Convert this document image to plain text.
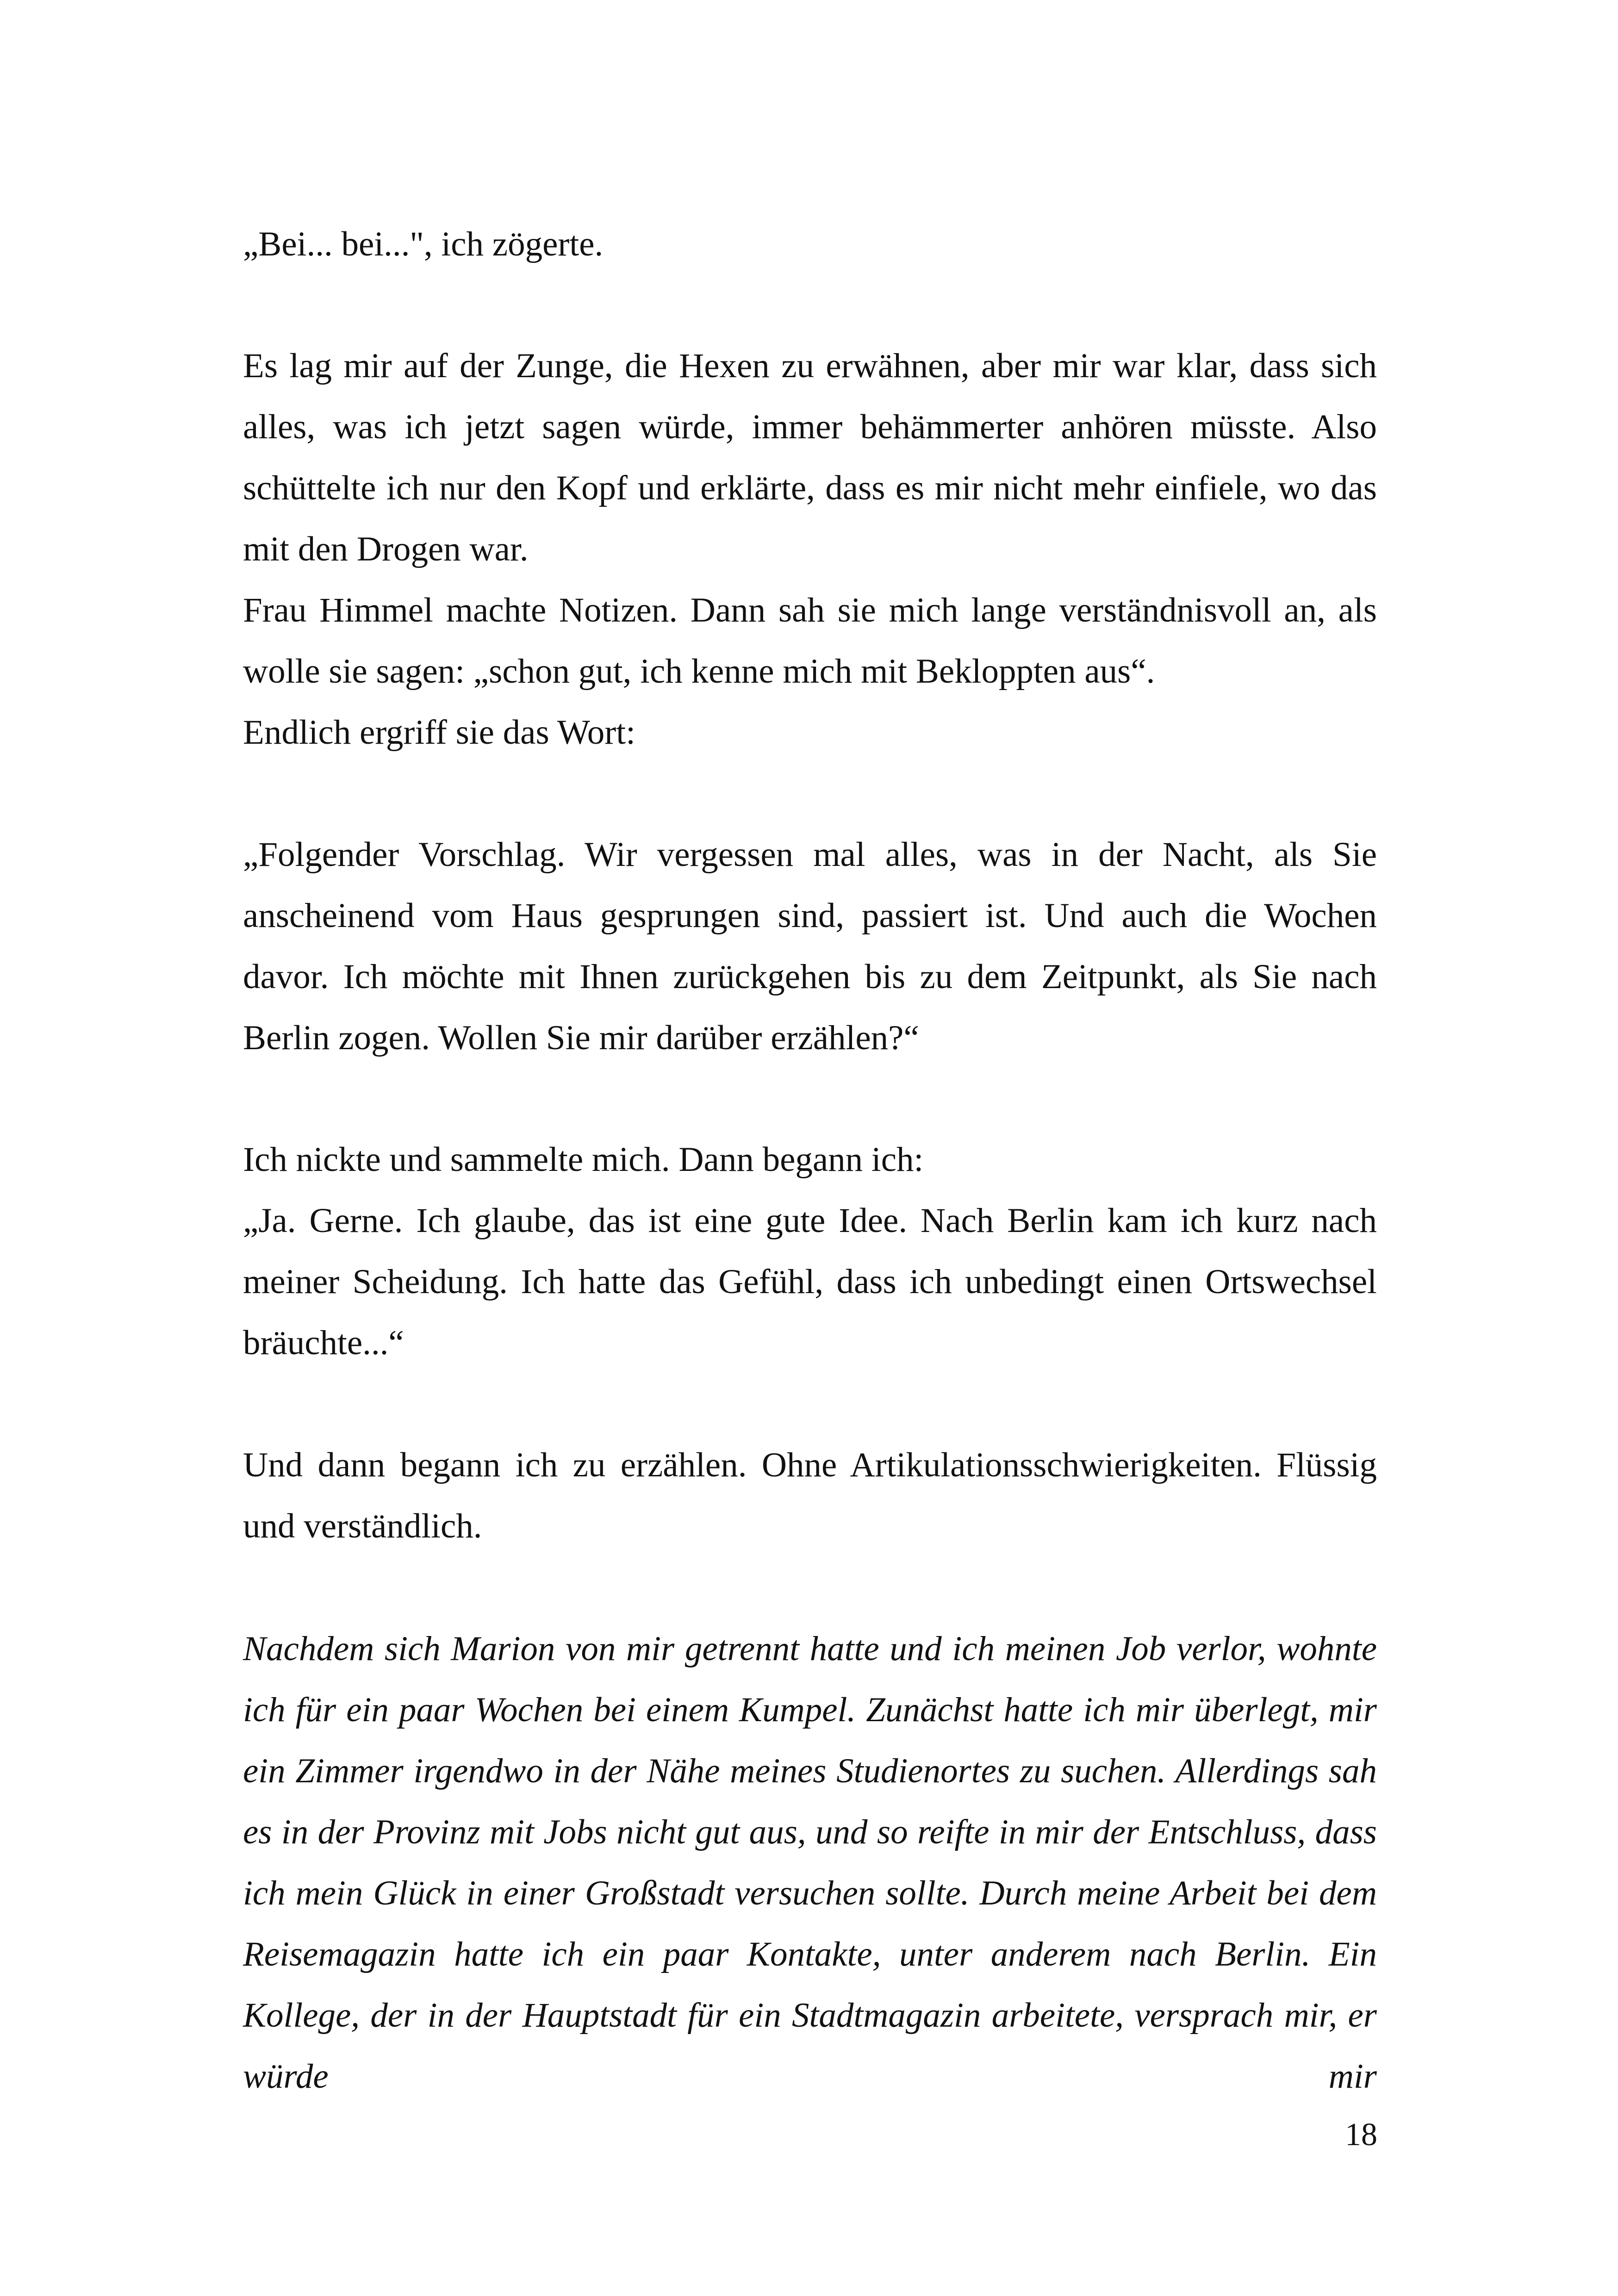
„Bei... bei...", ich zögerte.

Es lag mir auf der Zunge, die Hexen zu erwähnen, aber mir war klar, dass sich alles, was ich jetzt sagen würde, immer behämmerter anhören müsste. Also schüttelte ich nur den Kopf und erklärte, dass es mir nicht mehr einfiele, wo das mit den Drogen war.

Frau Himmel machte Notizen. Dann sah sie mich lange verständnisvoll an, als wolle sie sagen: „schon gut, ich kenne mich mit Bekloppten aus“.

Endlich ergriff sie das Wort:

„Folgender Vorschlag. Wir vergessen mal alles, was in der Nacht, als Sie anscheinend vom Haus gesprungen sind, passiert ist. Und auch die Wochen davor. Ich möchte mit Ihnen zurückgehen bis zu dem Zeitpunkt, als Sie nach Berlin zogen. Wollen Sie mir darüber erzählen?“

Ich nickte und sammelte mich. Dann begann ich:

„Ja. Gerne. Ich glaube, das ist eine gute Idee. Nach Berlin kam ich kurz nach meiner Scheidung. Ich hatte das Gefühl, dass ich unbedingt einen Ortswechsel bräuchte...“

Und dann begann ich zu erzählen. Ohne Artikulationsschwierigkeiten. Flüssig und verständlich.

Nachdem sich Marion von mir getrennt hatte und ich meinen Job verlor, wohnte ich für ein paar Wochen bei einem Kumpel. Zunächst hatte ich mir überlegt, mir ein Zimmer irgendwo in der Nähe meines Studienortes zu suchen. Allerdings sah es in der Provinz mit Jobs nicht gut aus, und so reifte in mir der Entschluss, dass ich mein Glück in einer Großstadt versuchen sollte. Durch meine Arbeit bei dem Reisemagazin hatte ich ein paar Kontakte, unter anderem nach Berlin. Ein Kollege, der in der Hauptstadt für ein Stadtmagazin arbeitete, versprach mir, er würde mir

18
